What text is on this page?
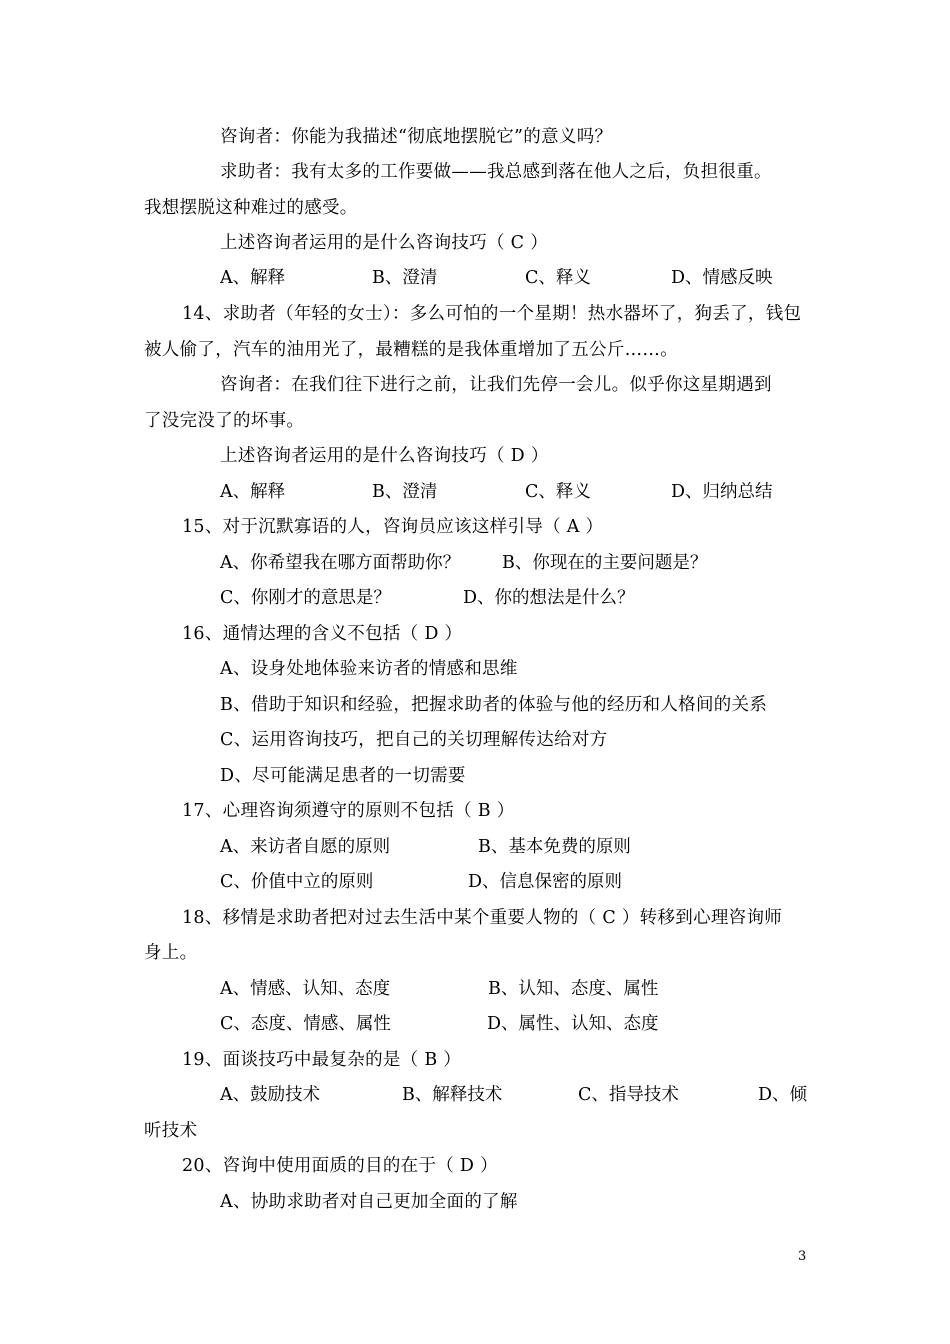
咨询者：你能为我描述“彻底地摆脱它”的意义吗？
求助者：我有太多的工作要做——我总感到落在他人之后，负担很重。
我想摆脱这种难过的感受。
上述咨询者运用的是什么咨询技巧（ C ）
A、解释	B、澄清	C、释义	D、情感反映
14、求助者（年轻的女士）：多么可怕的一个星期！热水器坏了，狗丢了，钱包
被人偷了，汽车的油用光了，最糟糕的是我体重增加了五公斤……。
咨询者：在我们往下进行之前，让我们先停一会儿。似乎你这星期遇到
了没完没了的坏事。
上述咨询者运用的是什么咨询技巧（ D ）
A、解释	B、澄清	C、释义	D、归纳总结
15、对于沉默寡语的人，咨询员应该这样引导（ A ）
A、你希望我在哪方面帮助你？ B、你现在的主要问题是？
C、你刚才的意思是？	D、你的想法是什么？
16、通情达理的含义不包括（ D ）
A、设身处地体验来访者的情感和思维
B、借助于知识和经验，把握求助者的体验与他的经历和人格间的关系
C、运用咨询技巧，把自己的关切理解传达给对方
D、尽可能满足患者的一切需要
17、心理咨询须遵守的原则不包括（ B ）
A、来访者自愿的原则	B、基本免费的原则
C、价值中立的原则	D、信息保密的原则
18、移情是求助者把对过去生活中某个重要人物的（ C ）转移到心理咨询师
身上。
A、情感、认知、态度	B、认知、态度、属性
C、态度、情感、属性	D、属性、认知、态度
19、面谈技巧中最复杂的是（ B ）
A、鼓励技术	B、解释技术	C、指导技术	D、倾
听技术
20、咨询中使用面质的目的在于（ D ）
A、协助求助者对自己更加全面的了解
3
